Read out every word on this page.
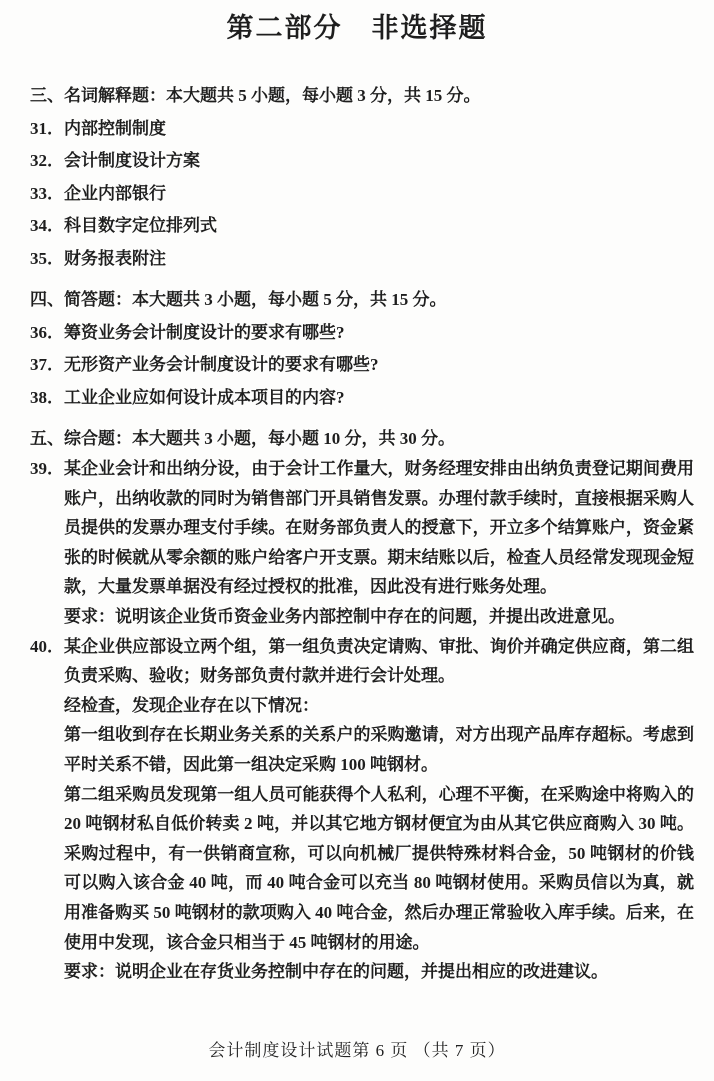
第二部分　非选择题
三、名词解释题：本大题共 5 小题，每小题 3 分，共 15 分。
31． 内部控制制度
32． 会计制度设计方案
33． 企业内部银行
34． 科目数字定位排列式
35． 财务报表附注
四、简答题：本大题共 3 小题，每小题 5 分，共 15 分。
36． 筹资业务会计制度设计的要求有哪些?
37． 无形资产业务会计制度设计的要求有哪些?
38． 工业企业应如何设计成本项目的内容?
五、综合题：本大题共 3 小题，每小题 10 分，共 30 分。
39． 某企业会计和出纳分设，由于会计工作量大，财务经理安排由出纳负责登记期间费用账户，出纳收款的同时为销售部门开具销售发票。办理付款手续时，直接根据采购人员提供的发票办理支付手续。在财务部负责人的授意下，开立多个结算账户，资金紧张的时候就从零余额的账户给客户开支票。期末结账以后，检查人员经常发现现金短款，大量发票单据没有经过授权的批准，因此没有进行账务处理。

要求：说明该企业货币资金业务内部控制中存在的问题，并提出改进意见。

40． 某企业供应部设立两个组，第一组负责决定请购、审批、询价并确定供应商，第二组负责采购、验收；财务部负责付款并进行会计处理。

经检查，发现企业存在以下情况：

第一组收到存在长期业务关系的关系户的采购邀请，对方出现产品库存超标。考虑到平时关系不错，因此第一组决定采购 100 吨钢材。

第二组采购员发现第一组人员可能获得个人私利，心理不平衡，在采购途中将购入的 20 吨钢材私自低价转卖 2 吨，并以其它地方钢材便宜为由从其它供应商购入 30 吨。采购过程中，有一供销商宣称，可以向机械厂提供特殊材料合金，50 吨钢材的价钱可以购入该合金 40 吨，而 40 吨合金可以充当 80 吨钢材使用。采购员信以为真，就用准备购买 50 吨钢材的款项购入 40 吨合金，然后办理正常验收入库手续。后来，在使用中发现，该合金只相当于 45 吨钢材的用途。

要求：说明企业在存货业务控制中存在的问题，并提出相应的改进建议。

会计制度设计试题第 6 页 （共 7 页）
